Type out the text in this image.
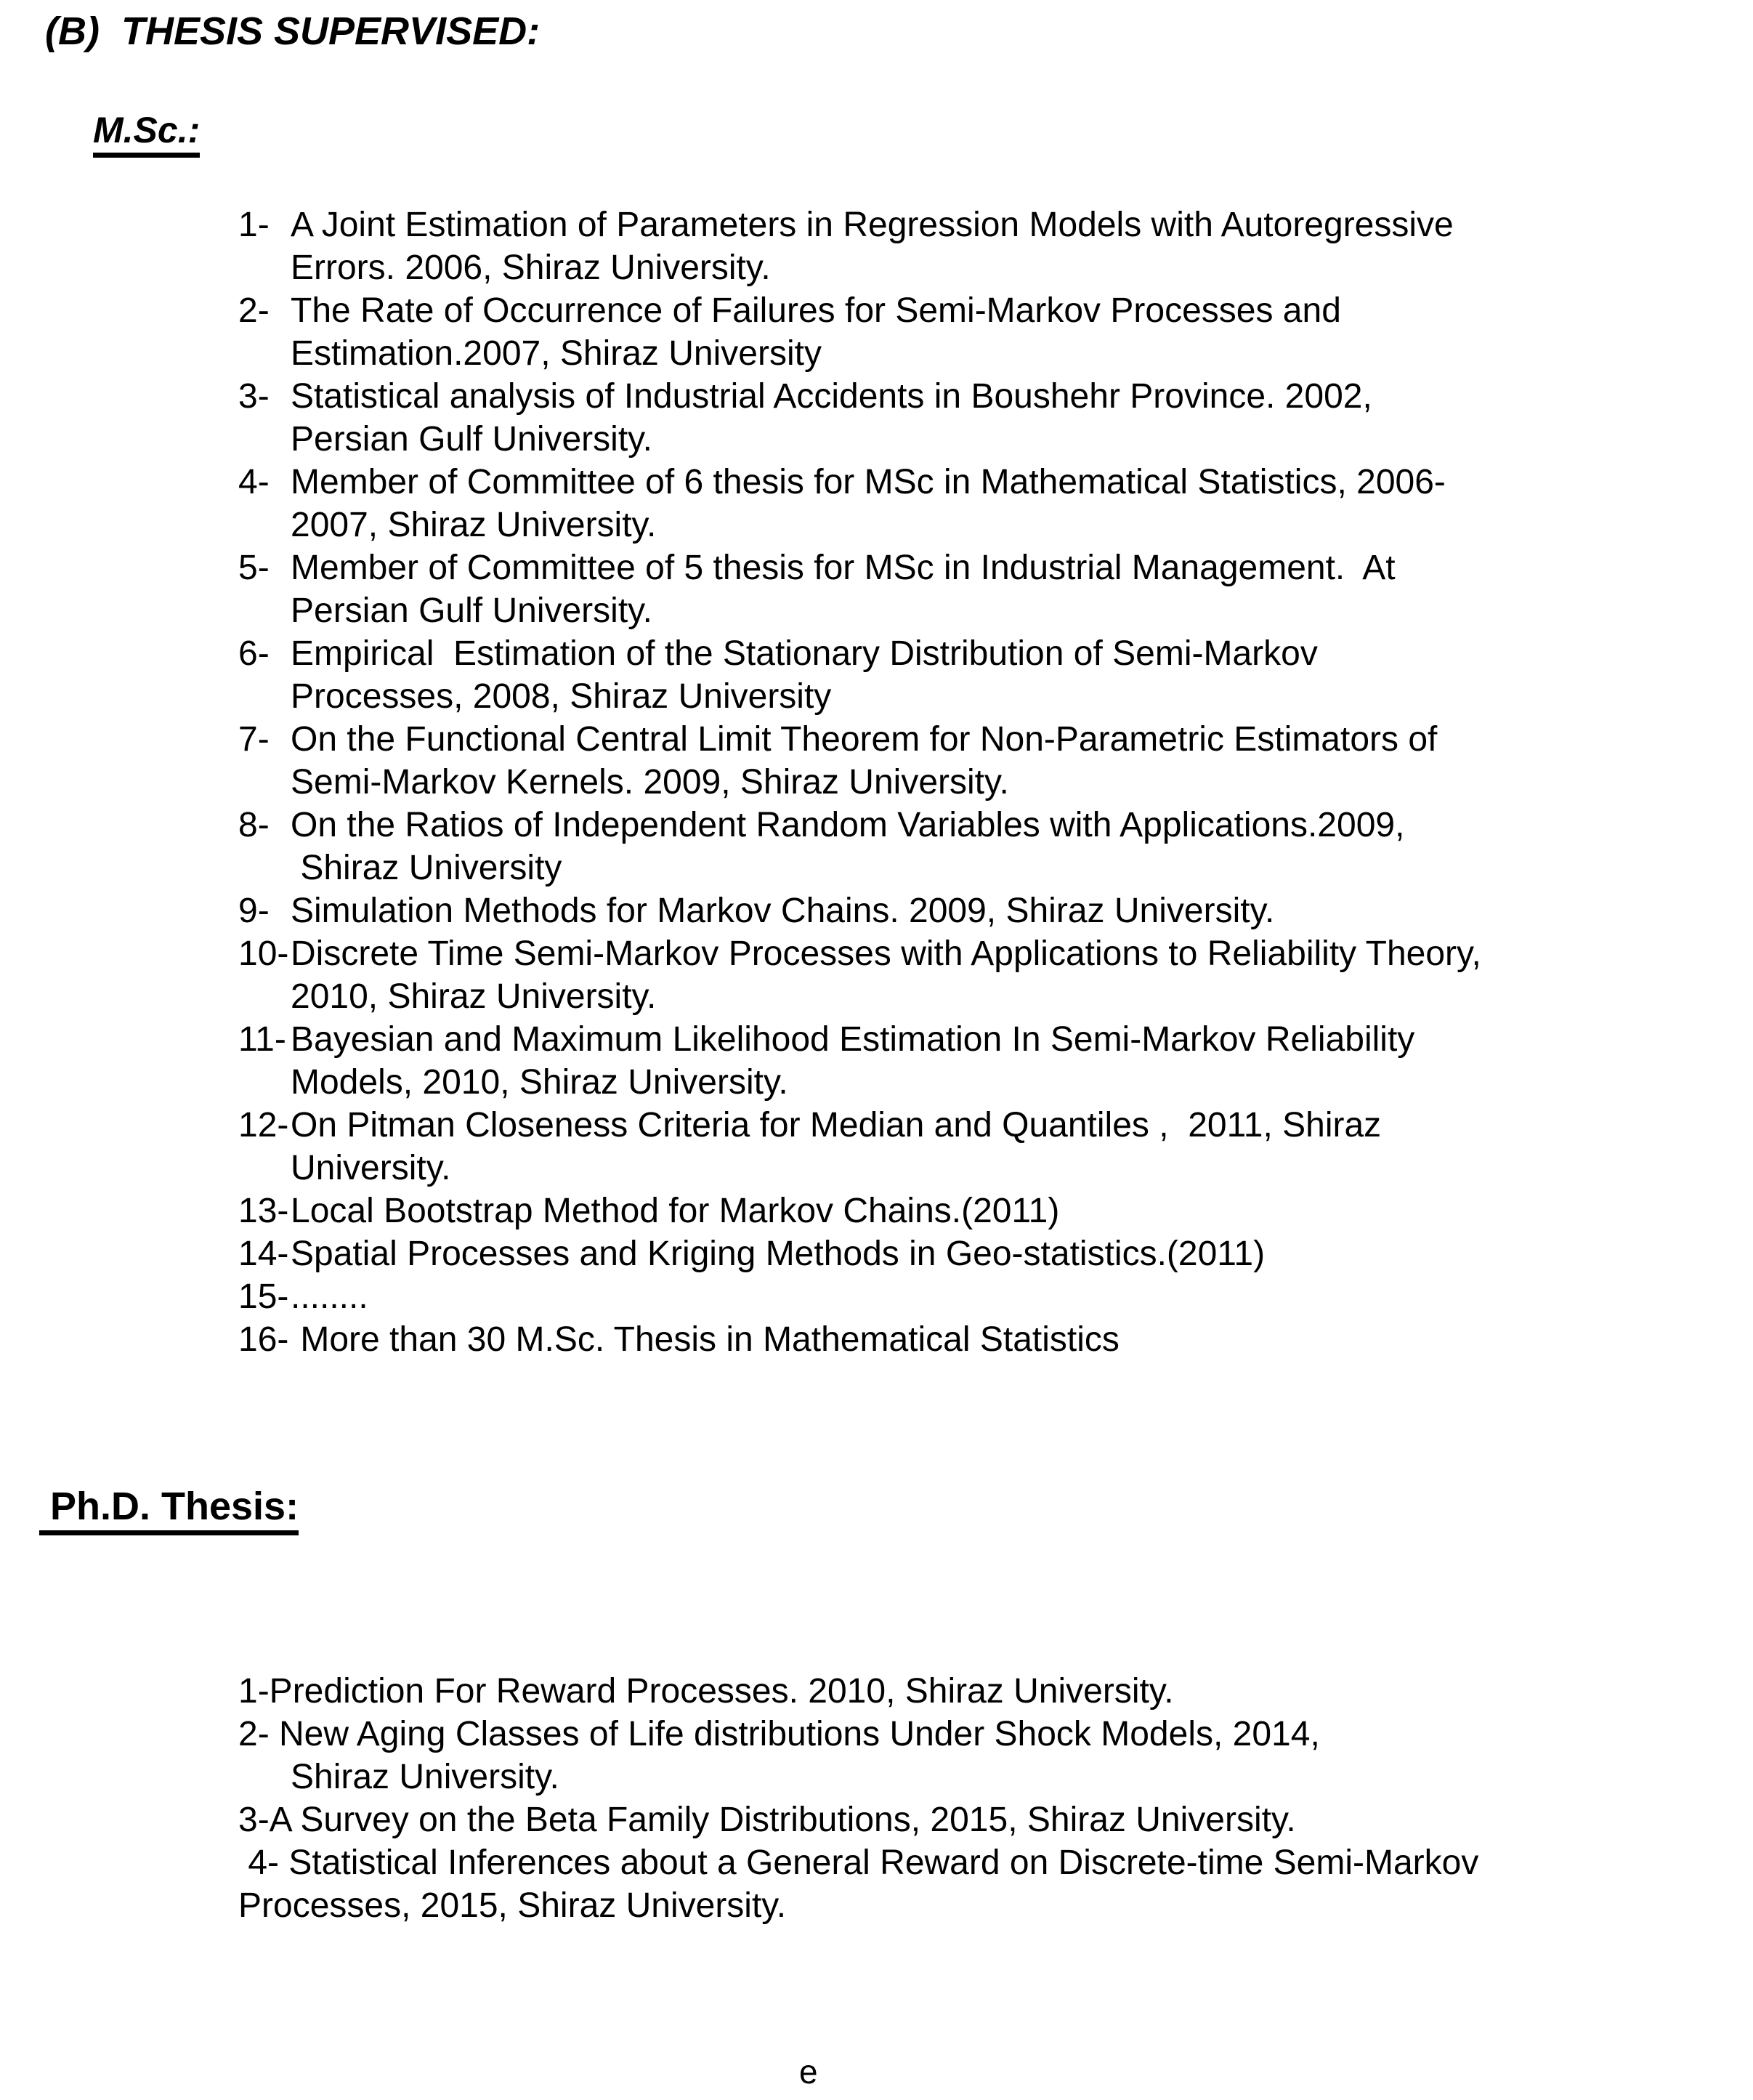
(B)  THESIS SUPERVISED:
M.Sc.:
1- A Joint Estimation of Parameters in Regression Models with Autoregressive
Errors. 2006, Shiraz University.
2- The Rate of Occurrence of Failures for Semi-Markov Processes and
Estimation.2007, Shiraz University
3- Statistical analysis of Industrial Accidents in Boushehr Province. 2002,
Persian Gulf University.
4- Member of Committee of 6 thesis for MSc in Mathematical Statistics, 2006-
2007, Shiraz University.
5- Member of Committee of 5 thesis for MSc in Industrial Management.  At
Persian Gulf University.
6- Empirical  Estimation of the Stationary Distribution of Semi-Markov
Processes, 2008, Shiraz University
7- On the Functional Central Limit Theorem for Non-Parametric Estimators of
Semi-Markov Kernels. 2009, Shiraz University.
8- On the Ratios of Independent Random Variables with Applications.2009,
Shiraz University
9- Simulation Methods for Markov Chains. 2009, Shiraz University.
10-Discrete Time Semi-Markov Processes with Applications to Reliability Theory,
2010, Shiraz University.
11- Bayesian and Maximum Likelihood Estimation In Semi-Markov Reliability
Models, 2010, Shiraz University.
12-On Pitman Closeness Criteria for Median and Quantiles ,  2011, Shiraz
University.
13-Local Bootstrap Method for Markov Chains.(2011)
14-Spatial Processes and Kriging Methods in Geo-statistics.(2011)
15-........
16- More than 30 M.Sc. Thesis in Mathematical Statistics
Ph.D. Thesis:
1-Prediction For Reward Processes. 2010, Shiraz University.
2- New Aging Classes of Life distributions Under Shock Models, 2014,
Shiraz University.
3-A Survey on the Beta Family Distributions, 2015, Shiraz University.
4- Statistical Inferences about a General Reward on Discrete-time Semi-Markov
Processes, 2015, Shiraz University.
e
